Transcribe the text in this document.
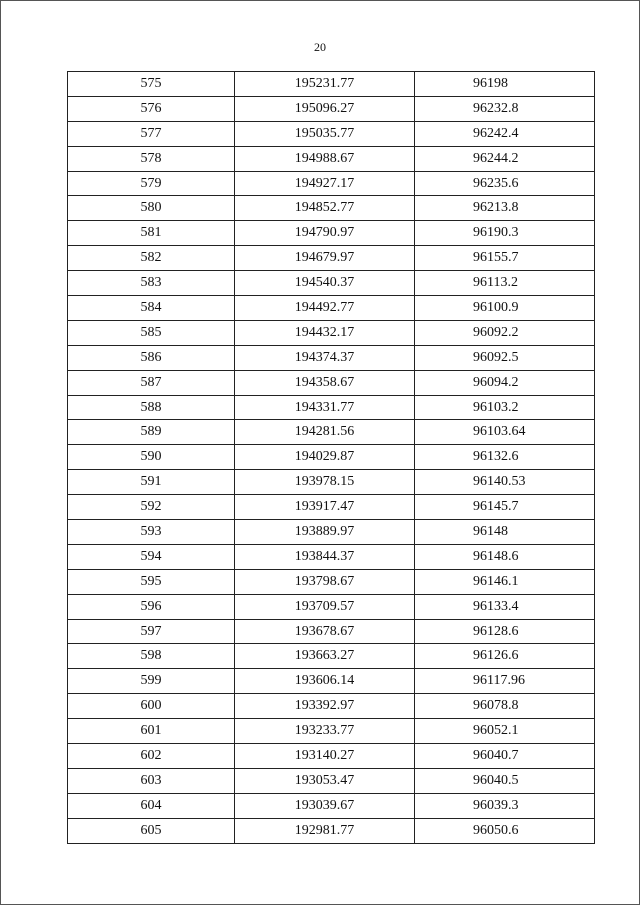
20
575	195231.77	96198
576	195096.27	96232.8
577	195035.77	96242.4
578	194988.67	96244.2
579	194927.17	96235.6
580	194852.77	96213.8
581	194790.97	96190.3
582	194679.97	96155.7
583	194540.37	96113.2
584	194492.77	96100.9
585	194432.17	96092.2
586	194374.37	96092.5
587	194358.67	96094.2
588	194331.77	96103.2
589	194281.56	96103.64
590	194029.87	96132.6
591	193978.15	96140.53
592	193917.47	96145.7
593	193889.97	96148
594	193844.37	96148.6
595	193798.67	96146.1
596	193709.57	96133.4
597	193678.67	96128.6
598	193663.27	96126.6
599	193606.14	96117.96
600	193392.97	96078.8
601	193233.77	96052.1
602	193140.27	96040.7
603	193053.47	96040.5
604	193039.67	96039.3
605	192981.77	96050.6
